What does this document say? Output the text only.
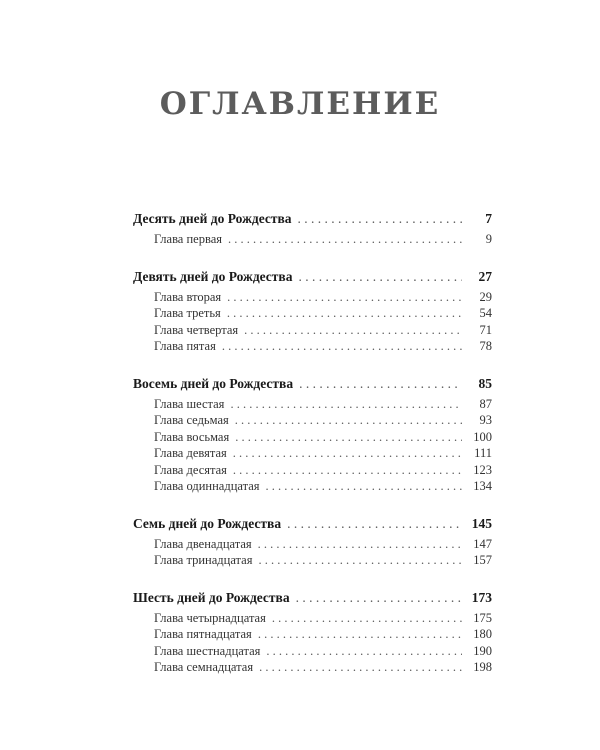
ОГЛАВЛЕНИЕ
Десять дней до Рождества . . .	7
Глава первая . . .	9
Девять дней до Рождества . . .	27
Глава вторая . . .	29
Глава третья . . .	54
Глава четвертая . . .	71
Глава пятая . . .	78
Восемь дней до Рождества . . .	85
Глава шестая . . .	87
Глава седьмая . . .	93
Глава восьмая . . .	100
Глава девятая . . .	111
Глава десятая . . .	123
Глава одиннадцатая . . .	134
Семь дней до Рождества . . .	145
Глава двенадцатая . . .	147
Глава тринадцатая . . .	157
Шесть дней до Рождества . . .	173
Глава четырнадцатая . . .	175
Глава пятнадцатая . . .	180
Глава шестнадцатая . . .	190
Глава семнадцатая . . .	198
